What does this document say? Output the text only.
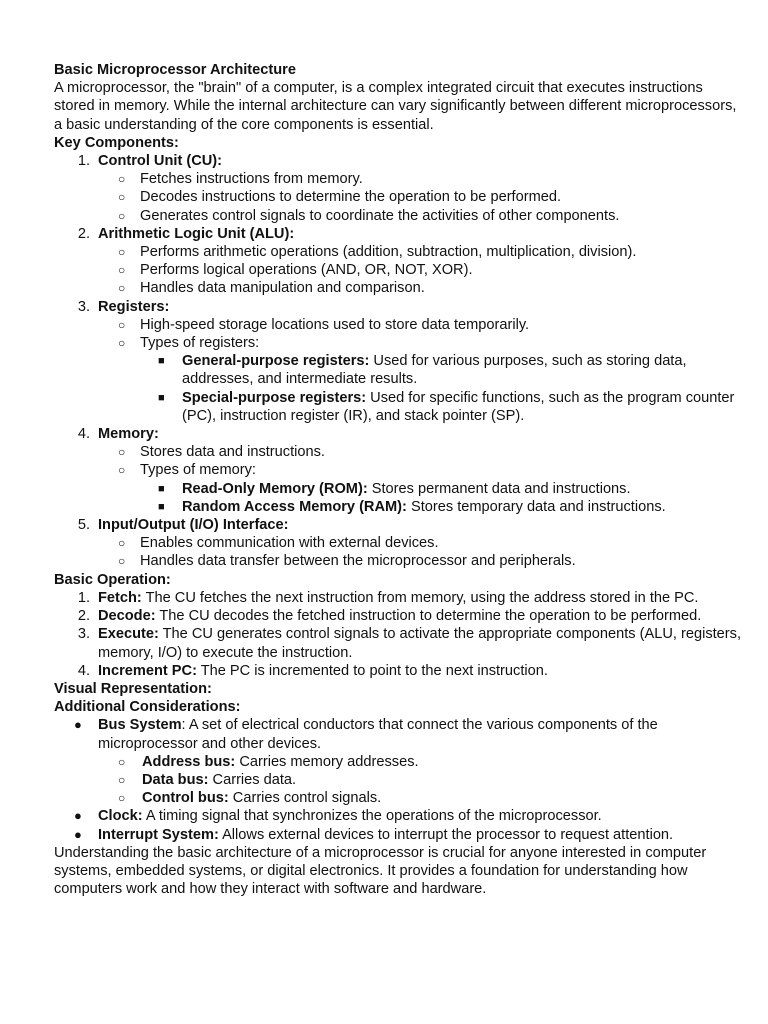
Basic Microprocessor Architecture

A microprocessor, the "brain" of a computer, is a complex integrated circuit that executes instructions stored in memory. While the internal architecture can vary significantly between different microprocessors, a basic understanding of the core components is essential.

Key Components:

1. Control Unit (CU):
○ Fetches instructions from memory.
○ Decodes instructions to determine the operation to be performed.
○ Generates control signals to coordinate the activities of other components.
2. Arithmetic Logic Unit (ALU):
○ Performs arithmetic operations (addition, subtraction, multiplication, division).
○ Performs logical operations (AND, OR, NOT, XOR).
○ Handles data manipulation and comparison.
3. Registers:
○ High-speed storage locations used to store data temporarily.
○ Types of registers:
■ General-purpose registers: Used for various purposes, such as storing data, addresses, and intermediate results.
■ Special-purpose registers: Used for specific functions, such as the program counter (PC), instruction register (IR), and stack pointer (SP).
4. Memory:
○ Stores data and instructions.
○ Types of memory:
■ Read-Only Memory (ROM): Stores permanent data and instructions.
■ Random Access Memory (RAM): Stores temporary data and instructions.
5. Input/Output (I/O) Interface:
○ Enables communication with external devices.
○ Handles data transfer between the microprocessor and peripherals.

Basic Operation:

1. Fetch: The CU fetches the next instruction from memory, using the address stored in the PC.
2. Decode: The CU decodes the fetched instruction to determine the operation to be performed.
3. Execute: The CU generates control signals to activate the appropriate components (ALU, registers, memory, I/O) to execute the instruction.
4. Increment PC: The PC is incremented to point to the next instruction.

Visual Representation:

Additional Considerations:

● Bus System: A set of electrical conductors that connect the various components of the microprocessor and other devices.
○ Address bus: Carries memory addresses.
○ Data bus: Carries data.
○ Control bus: Carries control signals.
● Clock: A timing signal that synchronizes the operations of the microprocessor.
● Interrupt System: Allows external devices to interrupt the processor to request attention.

Understanding the basic architecture of a microprocessor is crucial for anyone interested in computer systems, embedded systems, or digital electronics. It provides a foundation for understanding how computers work and how they interact with software and hardware.
